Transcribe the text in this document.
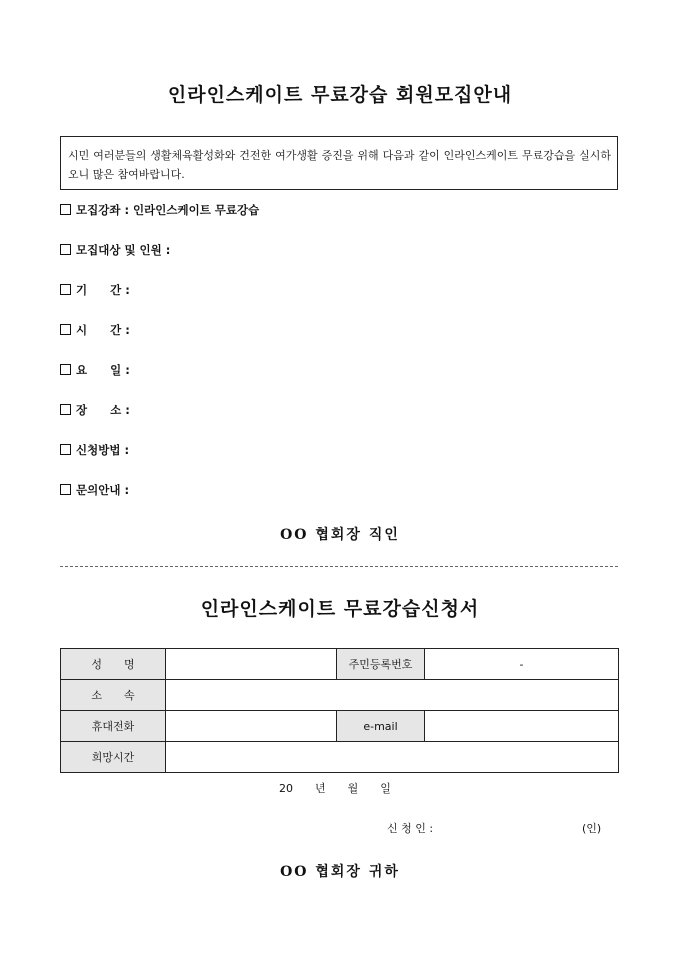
인라인스케이트 무료강습 회원모집안내
시민 여러분들의 생활체육활성화와 건전한 여가생활 증진을 위해 다음과 같이 인라인스케이트 무료강습을 실시하오니 많은 참여바랍니다.
모집강좌 : 인라인스케이트 무료강습
모집대상 및 인원 :
기　　간 :
시　　간 :
요　　일 :
장　　소 :
신청방법 :
문의안내 :
OO 협회장 직인
인라인스케이트 무료강습신청서
성　　명		주민등록번호	-
소　　속			
휴대전화		e-mail	
희망시간			
20　　년　　월　　일
신 청 인 :	(인)
OO 협회장 귀하
